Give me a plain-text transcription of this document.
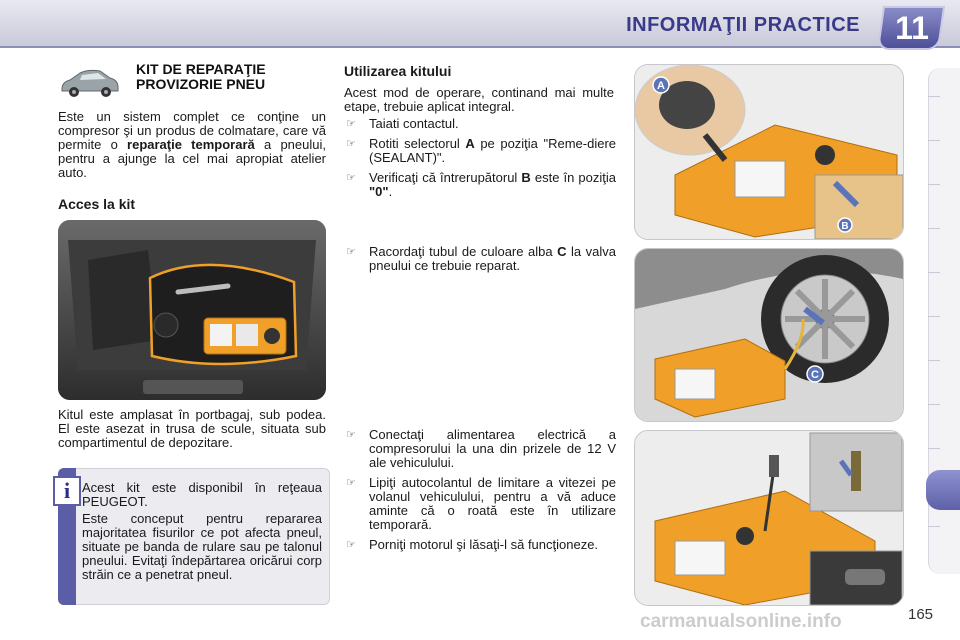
INFORMAŢII PRACTICE 11
KIT DE REPARAŢIE PROVIZORIE PNEU
Este un sistem complet ce conţine un compresor şi un produs de colmatare, care vă permite o reparaţie temporară a pneului, pentru a ajunge la cel mai apropiat atelier auto.
Acces la kit
Kitul este amplasat în portbagaj, sub podea. El este asezat in trusa de scule, situata sub compartimentul de depozitare.
i Acest kit este disponibil în reţeaua PEUGEOT.
Este conceput pentru repararea majoritatea fisurilor ce pot afecta pneul, situate pe banda de rulare sau pe talonul pneului. Evitaţi îndepărtarea oricărui corp străin ce a penetrat pneul.
Utilizarea kitului
Acest mod de operare, continand mai multe etape, trebuie aplicat integral.
☞ Taiati contactul.
☞ Rotiti selectorul A pe poziţia "Reme-diere (SEALANT)".
☞ Verificaţi că întrerupătorul B este în poziţia "0".
☞ Racordaţi tubul de culoare alba C la valva pneului ce trebuie reparat.
☞ Conectaţi alimentarea electrică a compresorului la una din prizele de 12 V ale vehiculului.
☞ Lipiţi autocolantul de limitare a vitezei pe volanul vehiculului, pentru a vă aduce aminte că o roată este în utilizare temporară.
☞ Porniţi motorul şi lăsaţi-l să funcţioneze.
A
B
C
carmanualsonline.info	165
